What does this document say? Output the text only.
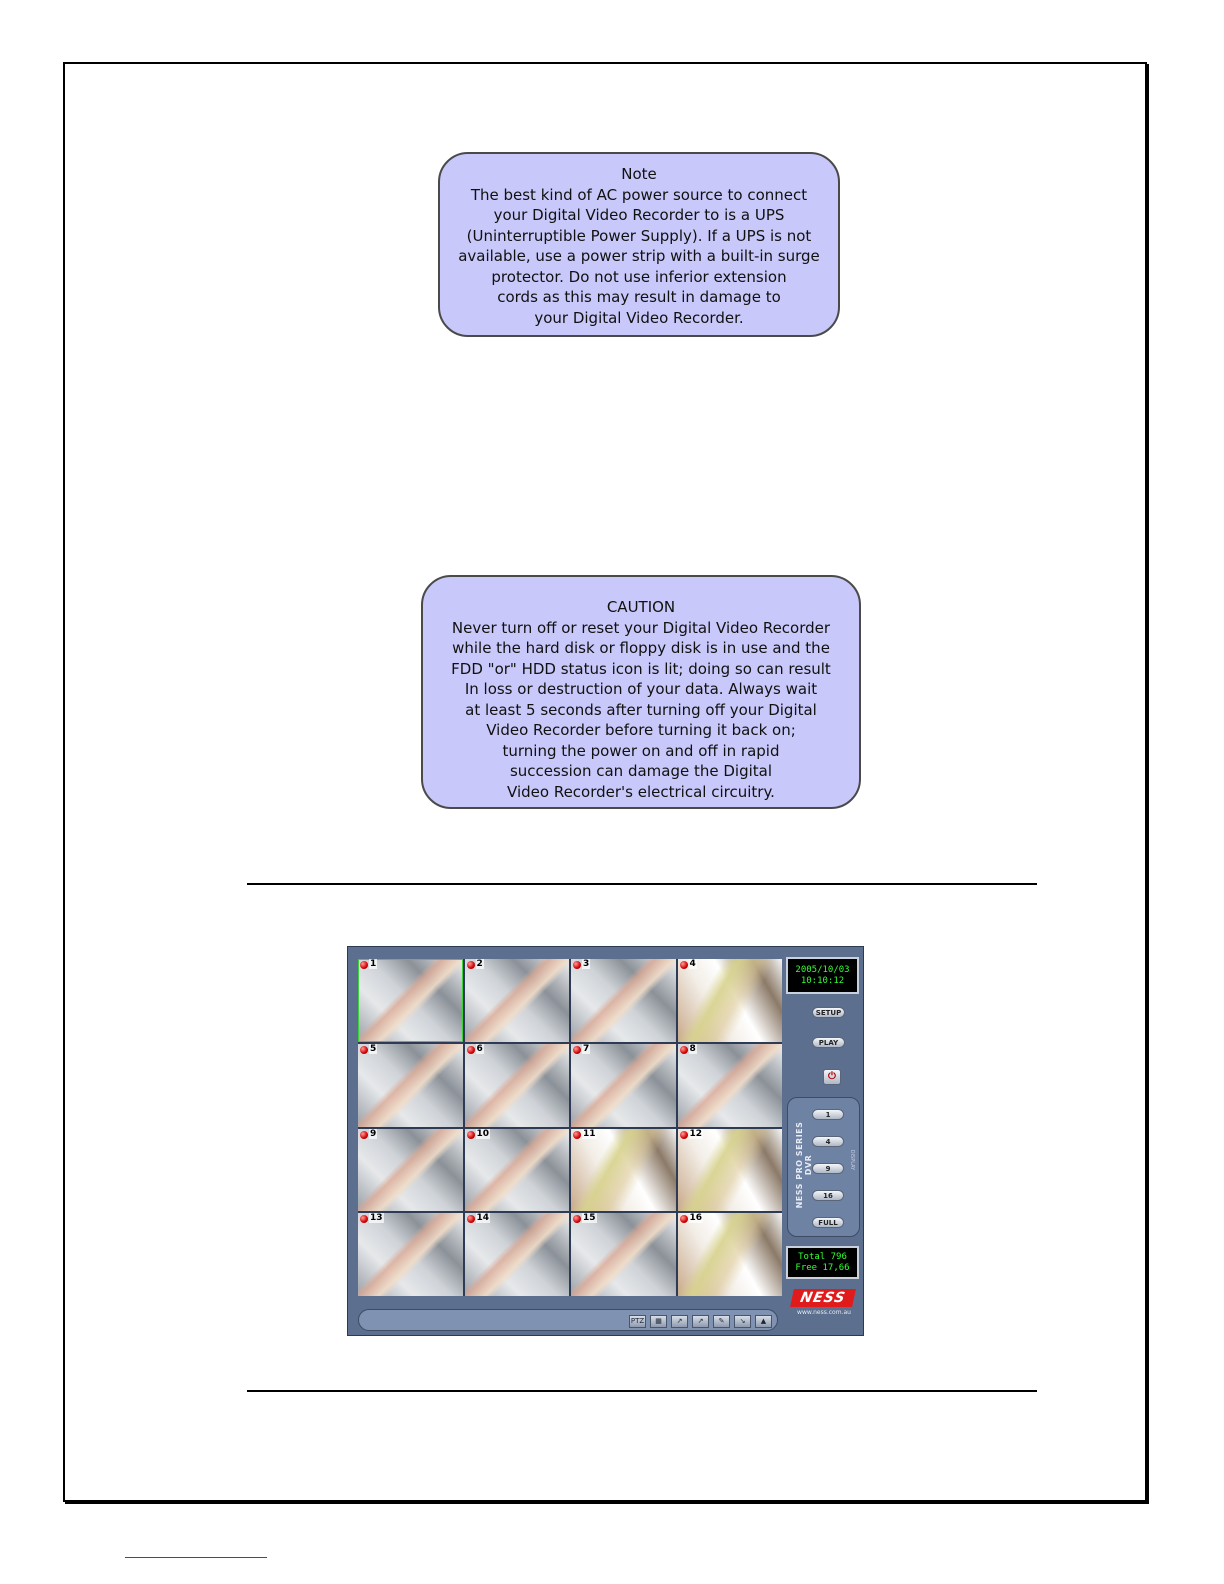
Note

The best kind of AC power source to connect

your Digital Video Recorder to is a UPS

(Uninterruptible Power Supply). If a UPS is not

available, use a power strip with a built-in surge

protector. Do not use inferior extension

cords as this may result in damage to

your Digital Video Recorder.

CAUTION

Never turn off or reset your Digital Video Recorder

while the hard disk or floppy disk is in use and the

FDD "or" HDD status icon is lit; doing so can result

In loss or destruction of your data. Always wait

at least 5 seconds after turning off your Digital

Video Recorder before turning it back on;

turning the power on and off in rapid

succession can damage the Digital

Video Recorder's electrical circuitry.

1	2	3	4
5	6	7	8
9	10	11	12
13	14	15	16
PTZ	▦	↗	↗	✎	↘	▲
2005/10/03
10:10:12
SETUP
PLAY
⏻
1
4
9
16
FULL
NESS PRO SERIES DVR	DISPLAY
Total 796
Free 17,66
NESS
www.ness.com.au
